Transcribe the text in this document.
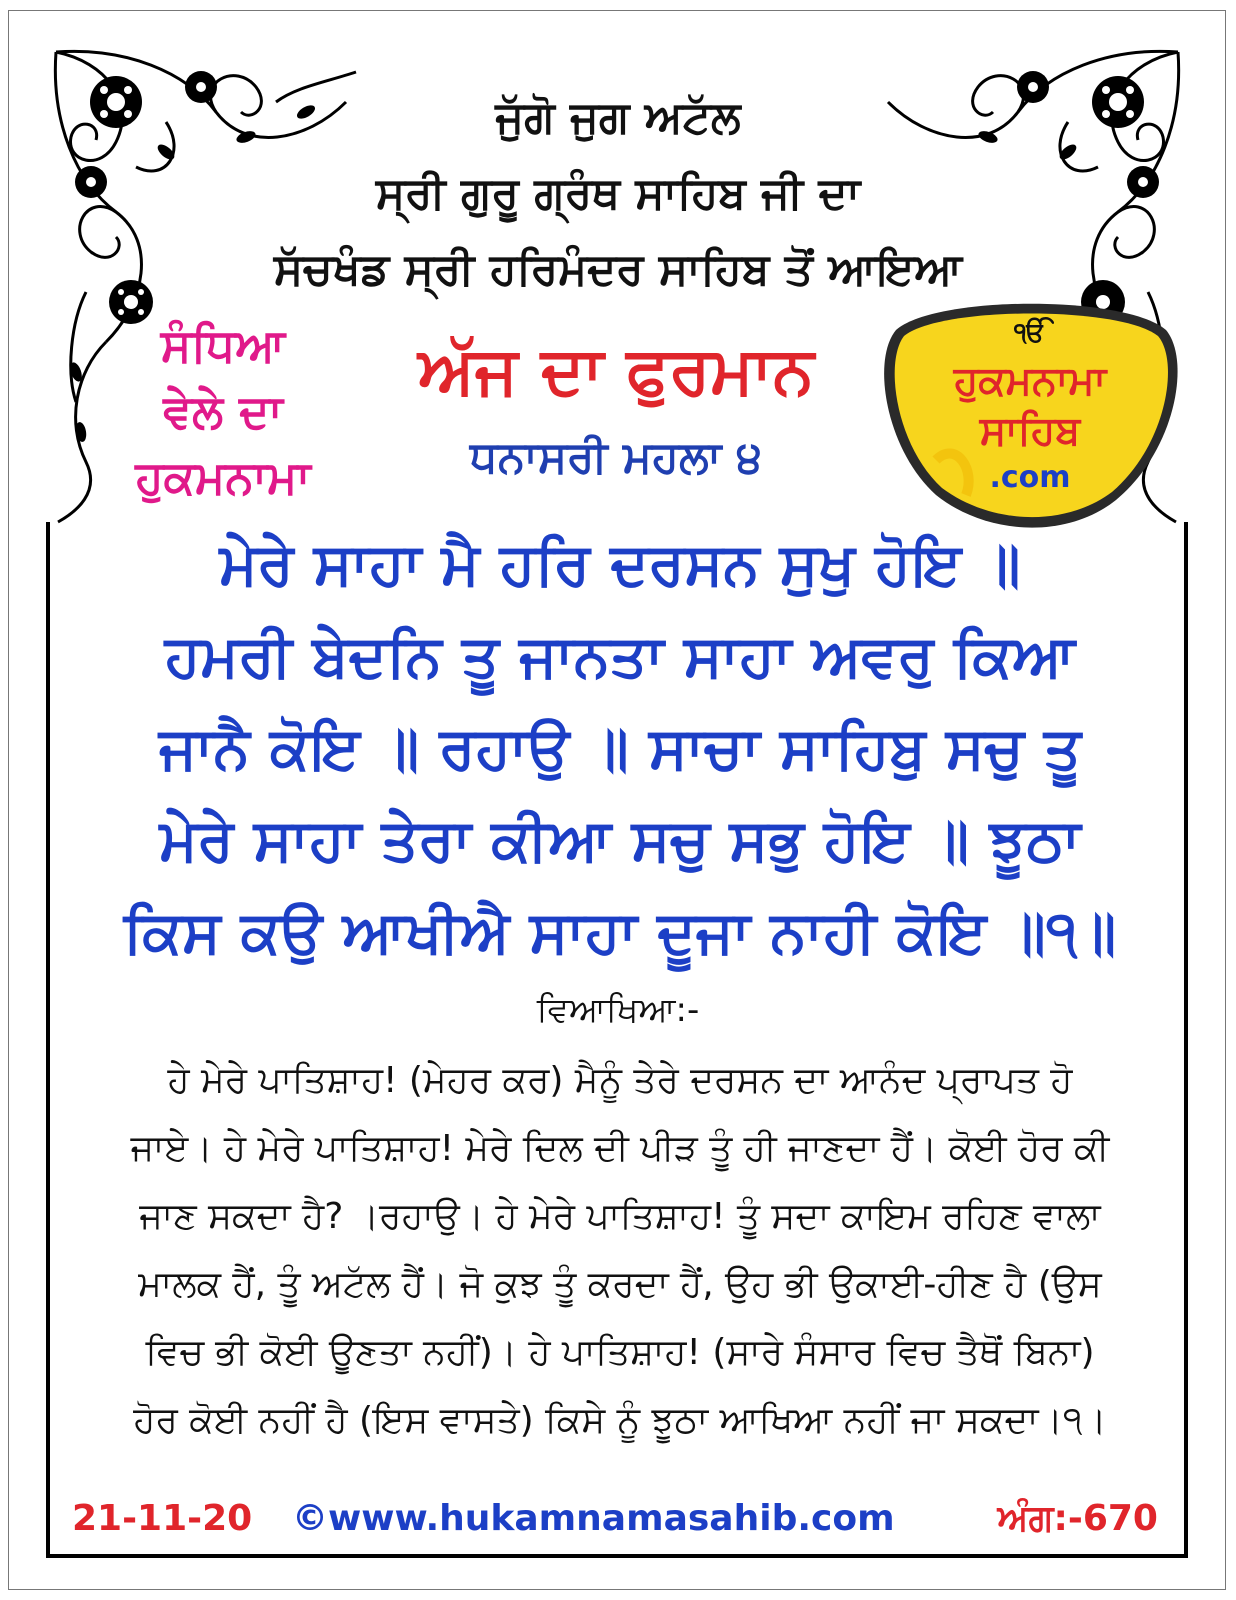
ਜੁੱਗੋ ਜੁਗ ਅਟੱਲ
ਸ੍ਰੀ ਗੁਰੂ ਗ੍ਰੰਥ ਸਾਹਿਬ ਜੀ ਦਾ
ਸੱਚਖੰਡ ਸ੍ਰੀ ਹਰਿਮੰਦਰ ਸਾਹਿਬ ਤੋਂ ਆਇਆ
ਸੰਧਿਆ
ਵੇਲੇ ਦਾ
ਹੁਕਮਨਾਮਾ
ਅੱਜ ਦਾ ਫੁਰਮਾਨ
ਧਨਾਸਰੀ ਮਹਲਾ ੪
ੴ
ਹੁਕਮਨਾਮਾ
ਸਾਹਿਬ
.com
ਮੇਰੇ ਸਾਹਾ ਮੈ ਹਰਿ ਦਰਸਨ ਸੁਖੁ ਹੋਇ ॥
ਹਮਰੀ ਬੇਦਨਿ ਤੂ ਜਾਨਤਾ ਸਾਹਾ ਅਵਰੁ ਕਿਆ
ਜਾਨੈ ਕੋਇ ॥ ਰਹਾਉ ॥ ਸਾਚਾ ਸਾਹਿਬੁ ਸਚੁ ਤੂ
ਮੇਰੇ ਸਾਹਾ ਤੇਰਾ ਕੀਆ ਸਚੁ ਸਭੁ ਹੋਇ ॥ ਝੂਠਾ
ਕਿਸ ਕਉ ਆਖੀਐ ਸਾਹਾ ਦੂਜਾ ਨਾਹੀ ਕੋਇ ॥੧॥
ਵਿਆਖਿਆ:-
ਹੇ ਮੇਰੇ ਪਾਤਿਸ਼ਾਹ! (ਮੇਹਰ ਕਰ) ਮੈਨੂੰ ਤੇਰੇ ਦਰਸਨ ਦਾ ਆਨੰਦ ਪ੍ਰਾਪਤ ਹੋ
ਜਾਏ। ਹੇ ਮੇਰੇ ਪਾਤਿਸ਼ਾਹ! ਮੇਰੇ ਦਿਲ ਦੀ ਪੀੜ ਤੂੰ ਹੀ ਜਾਣਦਾ ਹੈਂ। ਕੋਈ ਹੋਰ ਕੀ
ਜਾਣ ਸਕਦਾ ਹੈ? ।ਰਹਾਉ। ਹੇ ਮੇਰੇ ਪਾਤਿਸ਼ਾਹ! ਤੂੰ ਸਦਾ ਕਾਇਮ ਰਹਿਣ ਵਾਲਾ
ਮਾਲਕ ਹੈਂ, ਤੂੰ ਅਟੱਲ ਹੈਂ। ਜੋ ਕੁਝ ਤੂੰ ਕਰਦਾ ਹੈਂ, ਉਹ ਭੀ ਉਕਾਈ-ਹੀਣ ਹੈ (ਉਸ
ਵਿਚ ਭੀ ਕੋਈ ਊਣਤਾ ਨਹੀਂ)। ਹੇ ਪਾਤਿਸ਼ਾਹ! (ਸਾਰੇ ਸੰਸਾਰ ਵਿਚ ਤੈਥੋਂ ਬਿਨਾ)
ਹੋਰ ਕੋਈ ਨਹੀਂ ਹੈ (ਇਸ ਵਾਸਤੇ) ਕਿਸੇ ਨੂੰ ਝੂਠਾ ਆਖਿਆ ਨਹੀਂ ਜਾ ਸਕਦਾ।੧।
21-11-20 ©www.hukamnamasahib.com	ਅੰਗ:-670
